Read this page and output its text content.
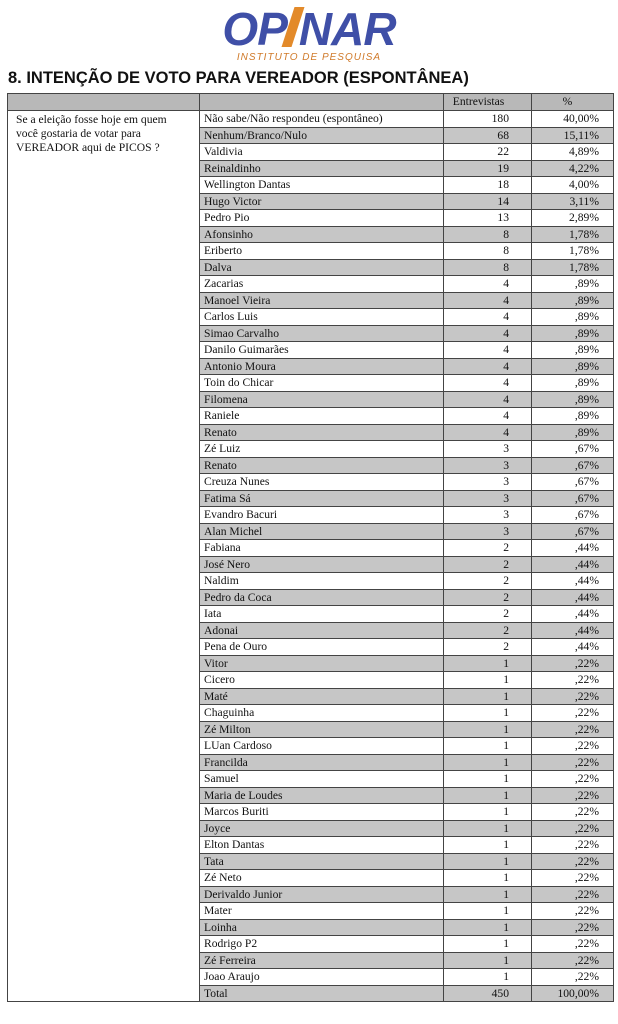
OP NAR
INSTITUTO DE PESQUISA
8. INTENÇÃO DE VOTO PARA VEREADOR (ESPONTÂNEA)
		Entrevistas	%
Se a eleição fosse hoje em quem você gostaria de votar para VEREADOR aqui de PICOS ?	Não sabe/Não respondeu (espontâneo)	180	40,00%
	Nenhum/Branco/Nulo	68	15,11%
	Valdivia	22	4,89%
	Reinaldinho	19	4,22%
	Wellington Dantas	18	4,00%
	Hugo Victor	14	3,11%
	Pedro Pio	13	2,89%
	Afonsinho	8	1,78%
	Eriberto	8	1,78%
	Dalva	8	1,78%
	Zacarias	4	,89%
	Manoel Vieira	4	,89%
	Carlos Luis	4	,89%
	Simao Carvalho	4	,89%
	Danilo Guimarães	4	,89%
	Antonio Moura	4	,89%
	Toin do Chicar	4	,89%
	Filomena	4	,89%
	Raniele	4	,89%
	Renato	4	,89%
	Zé Luiz	3	,67%
	Renato	3	,67%
	Creuza Nunes	3	,67%
	Fatima Sá	3	,67%
	Evandro Bacuri	3	,67%
	Alan Michel	3	,67%
	Fabiana	2	,44%
	José Nero	2	,44%
	Naldim	2	,44%
	Pedro da Coca	2	,44%
	Iata	2	,44%
	Adonai	2	,44%
	Pena de Ouro	2	,44%
	Vitor	1	,22%
	Cicero	1	,22%
	Maté	1	,22%
	Chaguinha	1	,22%
	Zé Milton	1	,22%
	LUan Cardoso	1	,22%
	Francilda	1	,22%
	Samuel	1	,22%
	Maria de Loudes	1	,22%
	Marcos Buriti	1	,22%
	Joyce	1	,22%
	Elton Dantas	1	,22%
	Tata	1	,22%
	Zé Neto	1	,22%
	Derivaldo Junior	1	,22%
	Mater	1	,22%
	Loinha	1	,22%
	Rodrigo P2	1	,22%
	Zé Ferreira	1	,22%
	Joao Araujo	1	,22%
	Total	450	100,00%
